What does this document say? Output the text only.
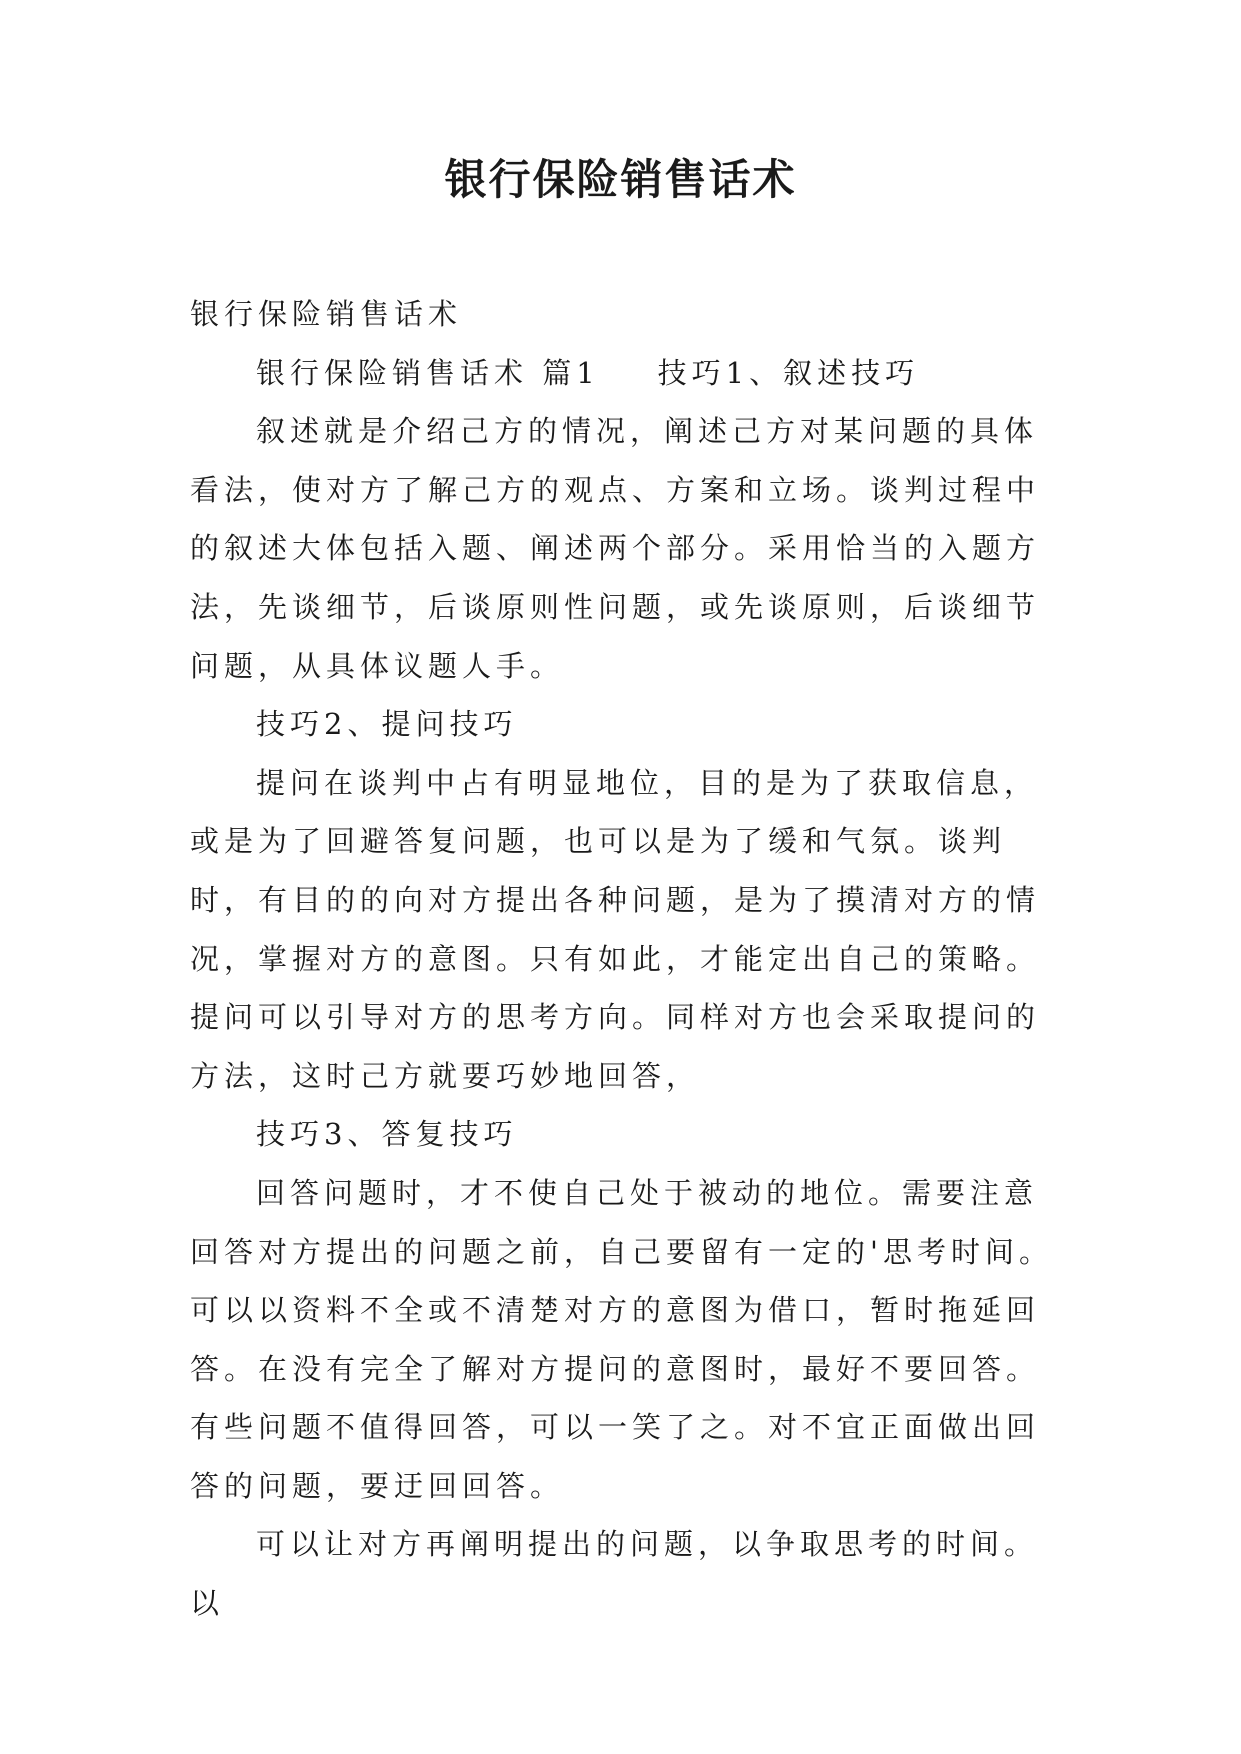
银行保险销售话术

银行保险销售话术

银行保险销售话术 篇1 技巧1、叙述技巧

叙述就是介绍己方的情况，阐述己方对某问题的具体看法，使对方了解己方的观点、方案和立场。谈判过程中的叙述大体包括入题、阐述两个部分。采用恰当的入题方法，先谈细节，后谈原则性问题，或先谈原则，后谈细节问题，从具体议题人手。

技巧2、提问技巧

提问在谈判中占有明显地位，目的是为了获取信息，或是为了回避答复问题，也可以是为了缓和气氛。谈判时，有目的的向对方提出各种问题，是为了摸清对方的情况，掌握对方的意图。只有如此，才能定出自己的策略。提问可以引导对方的思考方向。同样对方也会采取提问的方法，这时己方就要巧妙地回答，

技巧3、答复技巧

回答问题时，才不使自己处于被动的地位。需要注意回答对方提出的问题之前，自己要留有一定的'思考时间。可以以资料不全或不清楚对方的意图为借口，暂时拖延回答。在没有完全了解对方提问的意图时，最好不要回答。有些问题不值得回答，可以一笑了之。对不宜正面做出回答的问题，要迂回回答。

可以让对方再阐明提出的问题，以争取思考的时间。以
